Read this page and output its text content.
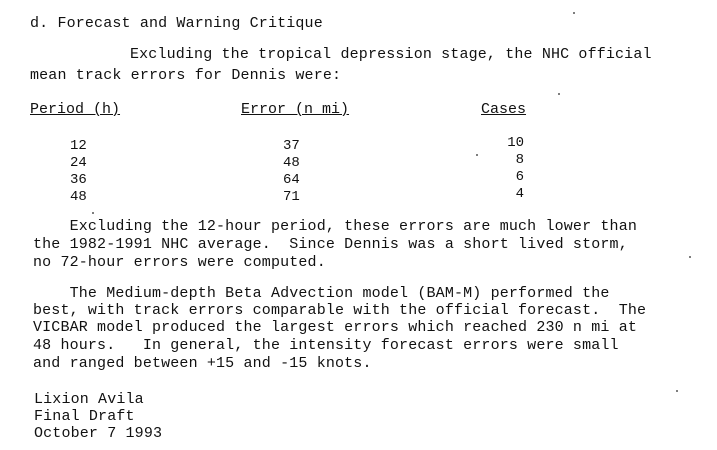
d. Forecast and Warning Critique
Excluding the tropical depression stage, the NHC official
mean track errors for Dennis were:
Period (h)	Error (n mi)	Cases
12	37	10
24	48	8
36	64	6
48	71	4
Excluding the 12-hour period, these errors are much lower than
the 1982-1991 NHC average.  Since Dennis was a short lived storm,
no 72-hour errors were computed.
The Medium-depth Beta Advection model (BAM-M) performed the
best, with track errors comparable with the official forecast.  The
VICBAR model produced the largest errors which reached 230 n mi at
48 hours.   In general, the intensity forecast errors were small
and ranged between +15 and -15 knots.
Lixion Avila
Final Draft
October 7 1993
